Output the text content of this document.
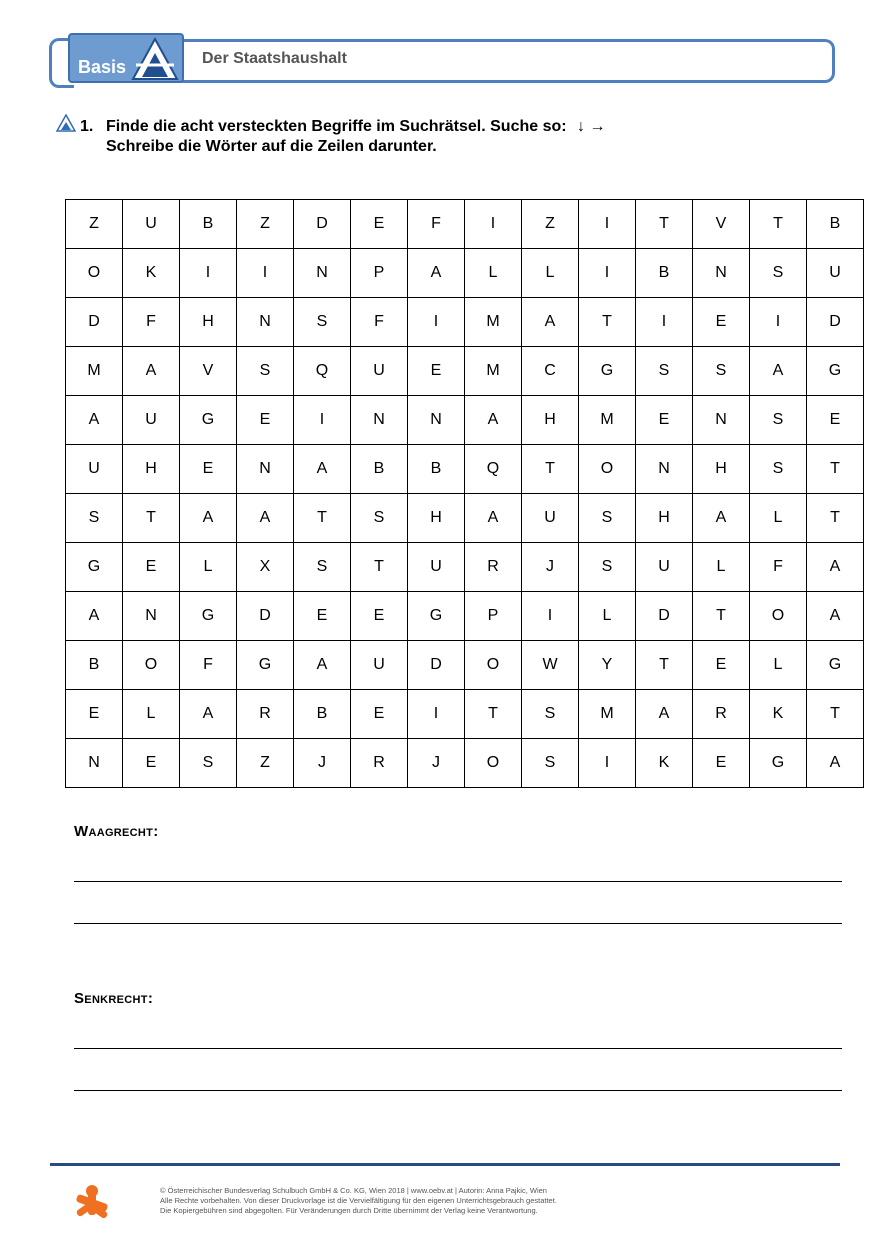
Basis	Der Staatshaushalt
1. Finde die acht versteckten Begriffe im Suchrätsel. Suche so: ↓ →
Schreibe die Wörter auf die Zeilen darunter.
Z	U	B	Z	D	E	F	I	Z	I	T	V	T	B
O	K	I	I	N	P	A	L	L	I	B	N	S	U
D	F	H	N	S	F	I	M	A	T	I	E	I	D
M	A	V	S	Q	U	E	M	C	G	S	S	A	G
A	U	G	E	I	N	N	A	H	M	E	N	S	E
U	H	E	N	A	B	B	Q	T	O	N	H	S	T
S	T	A	A	T	S	H	A	U	S	H	A	L	T
G	E	L	X	S	T	U	R	J	S	U	L	F	A
A	N	G	D	E	E	G	P	I	L	D	T	O	A
B	O	F	G	A	U	D	O	W	Y	T	E	L	G
E	L	A	R	B	E	I	T	S	M	A	R	K	T
N	E	S	Z	J	R	J	O	S	I	K	E	G	A
Waagrecht:
Senkrecht:
© Österreichischer Bundesverlag Schulbuch GmbH & Co. KG, Wien 2018 | www.oebv.at | Autorin: Anna Pajkic, Wien
Alle Rechte vorbehalten. Von dieser Druckvorlage ist die Vervielfältigung für den eigenen Unterrichtsgebrauch gestattet.
Die Kopiergebühren sind abgegolten. Für Veränderungen durch Dritte übernimmt der Verlag keine Verantwortung.
